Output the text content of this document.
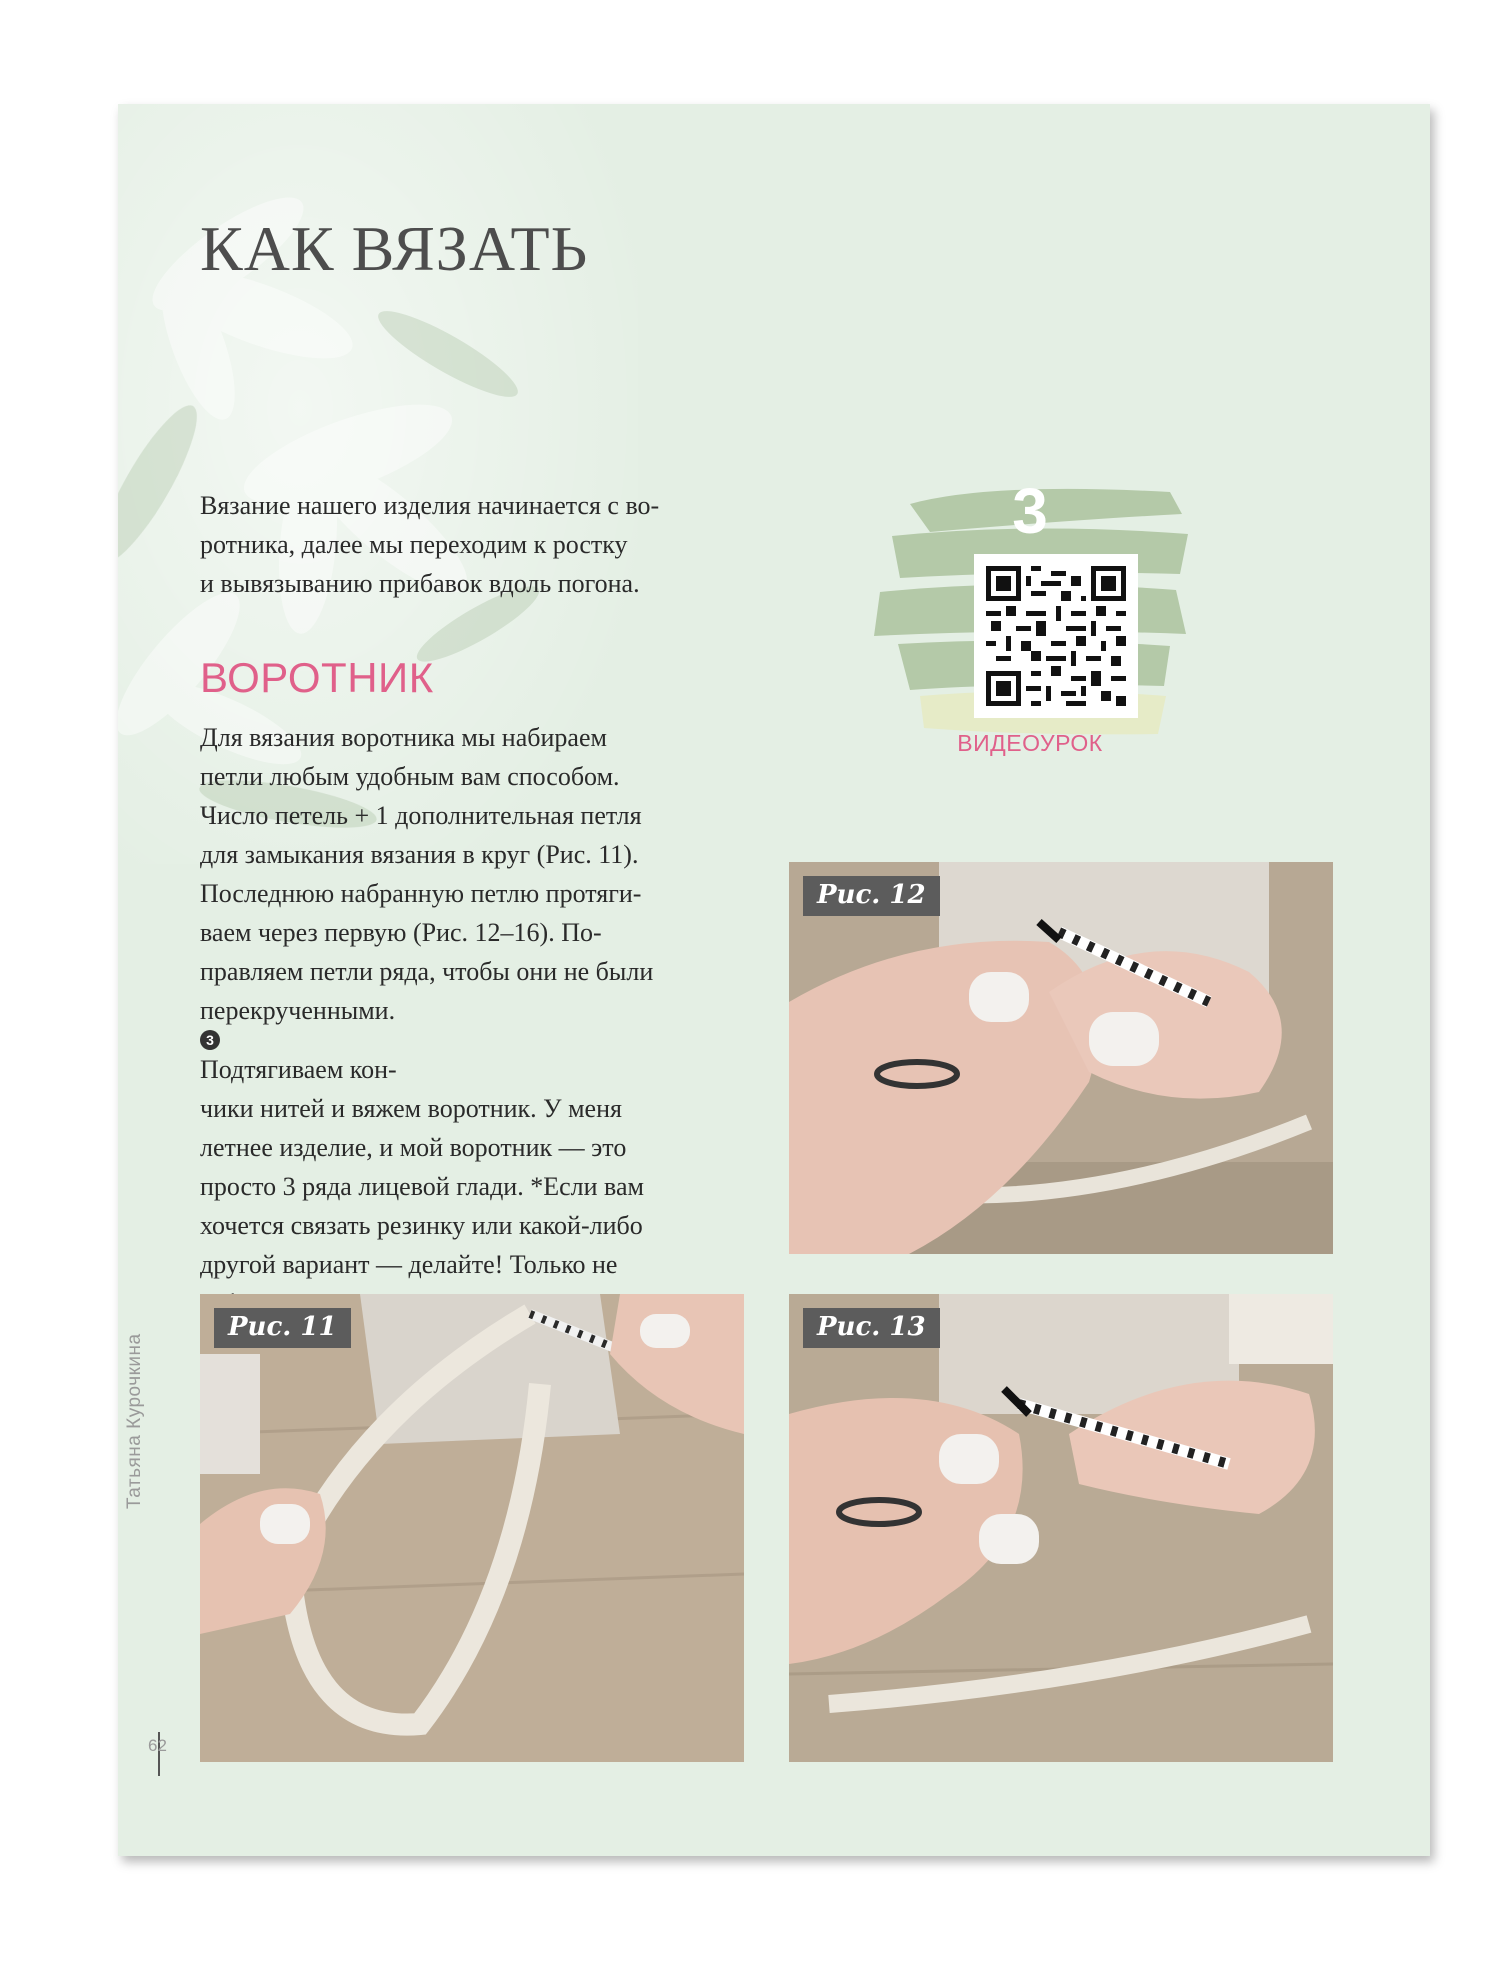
КАК ВЯЗАТЬ
Вязание нашего изделия начинается с во-
ротника, далее мы переходим к ростку
и вывязыванию прибавок вдоль погона.
ВОРОТНИК
Для вязания воротника мы набираем
петли любым удобным вам способом.
Число петель + 1 дополнительная петля
для замыкания вязания в круг (Рис. 11).
Последнюю набранную петлю протяги-
ваем через первую (Рис. 12–16). По-
правляем петли ряда, чтобы они не были
перекрученными.
3
Подтягиваем кон-
чики нитей и вяжем воротник. У меня
летнее изделие, и мой воротник — это
просто 3 ряда лицевой глади. *Если вам
хочется связать резинку или какой-либо
другой вариант — делайте! Только не
3
ВИДЕОУРОК
Рис. 12
Рис. 11	Рис. 13
Татьяна Курочкина
62
